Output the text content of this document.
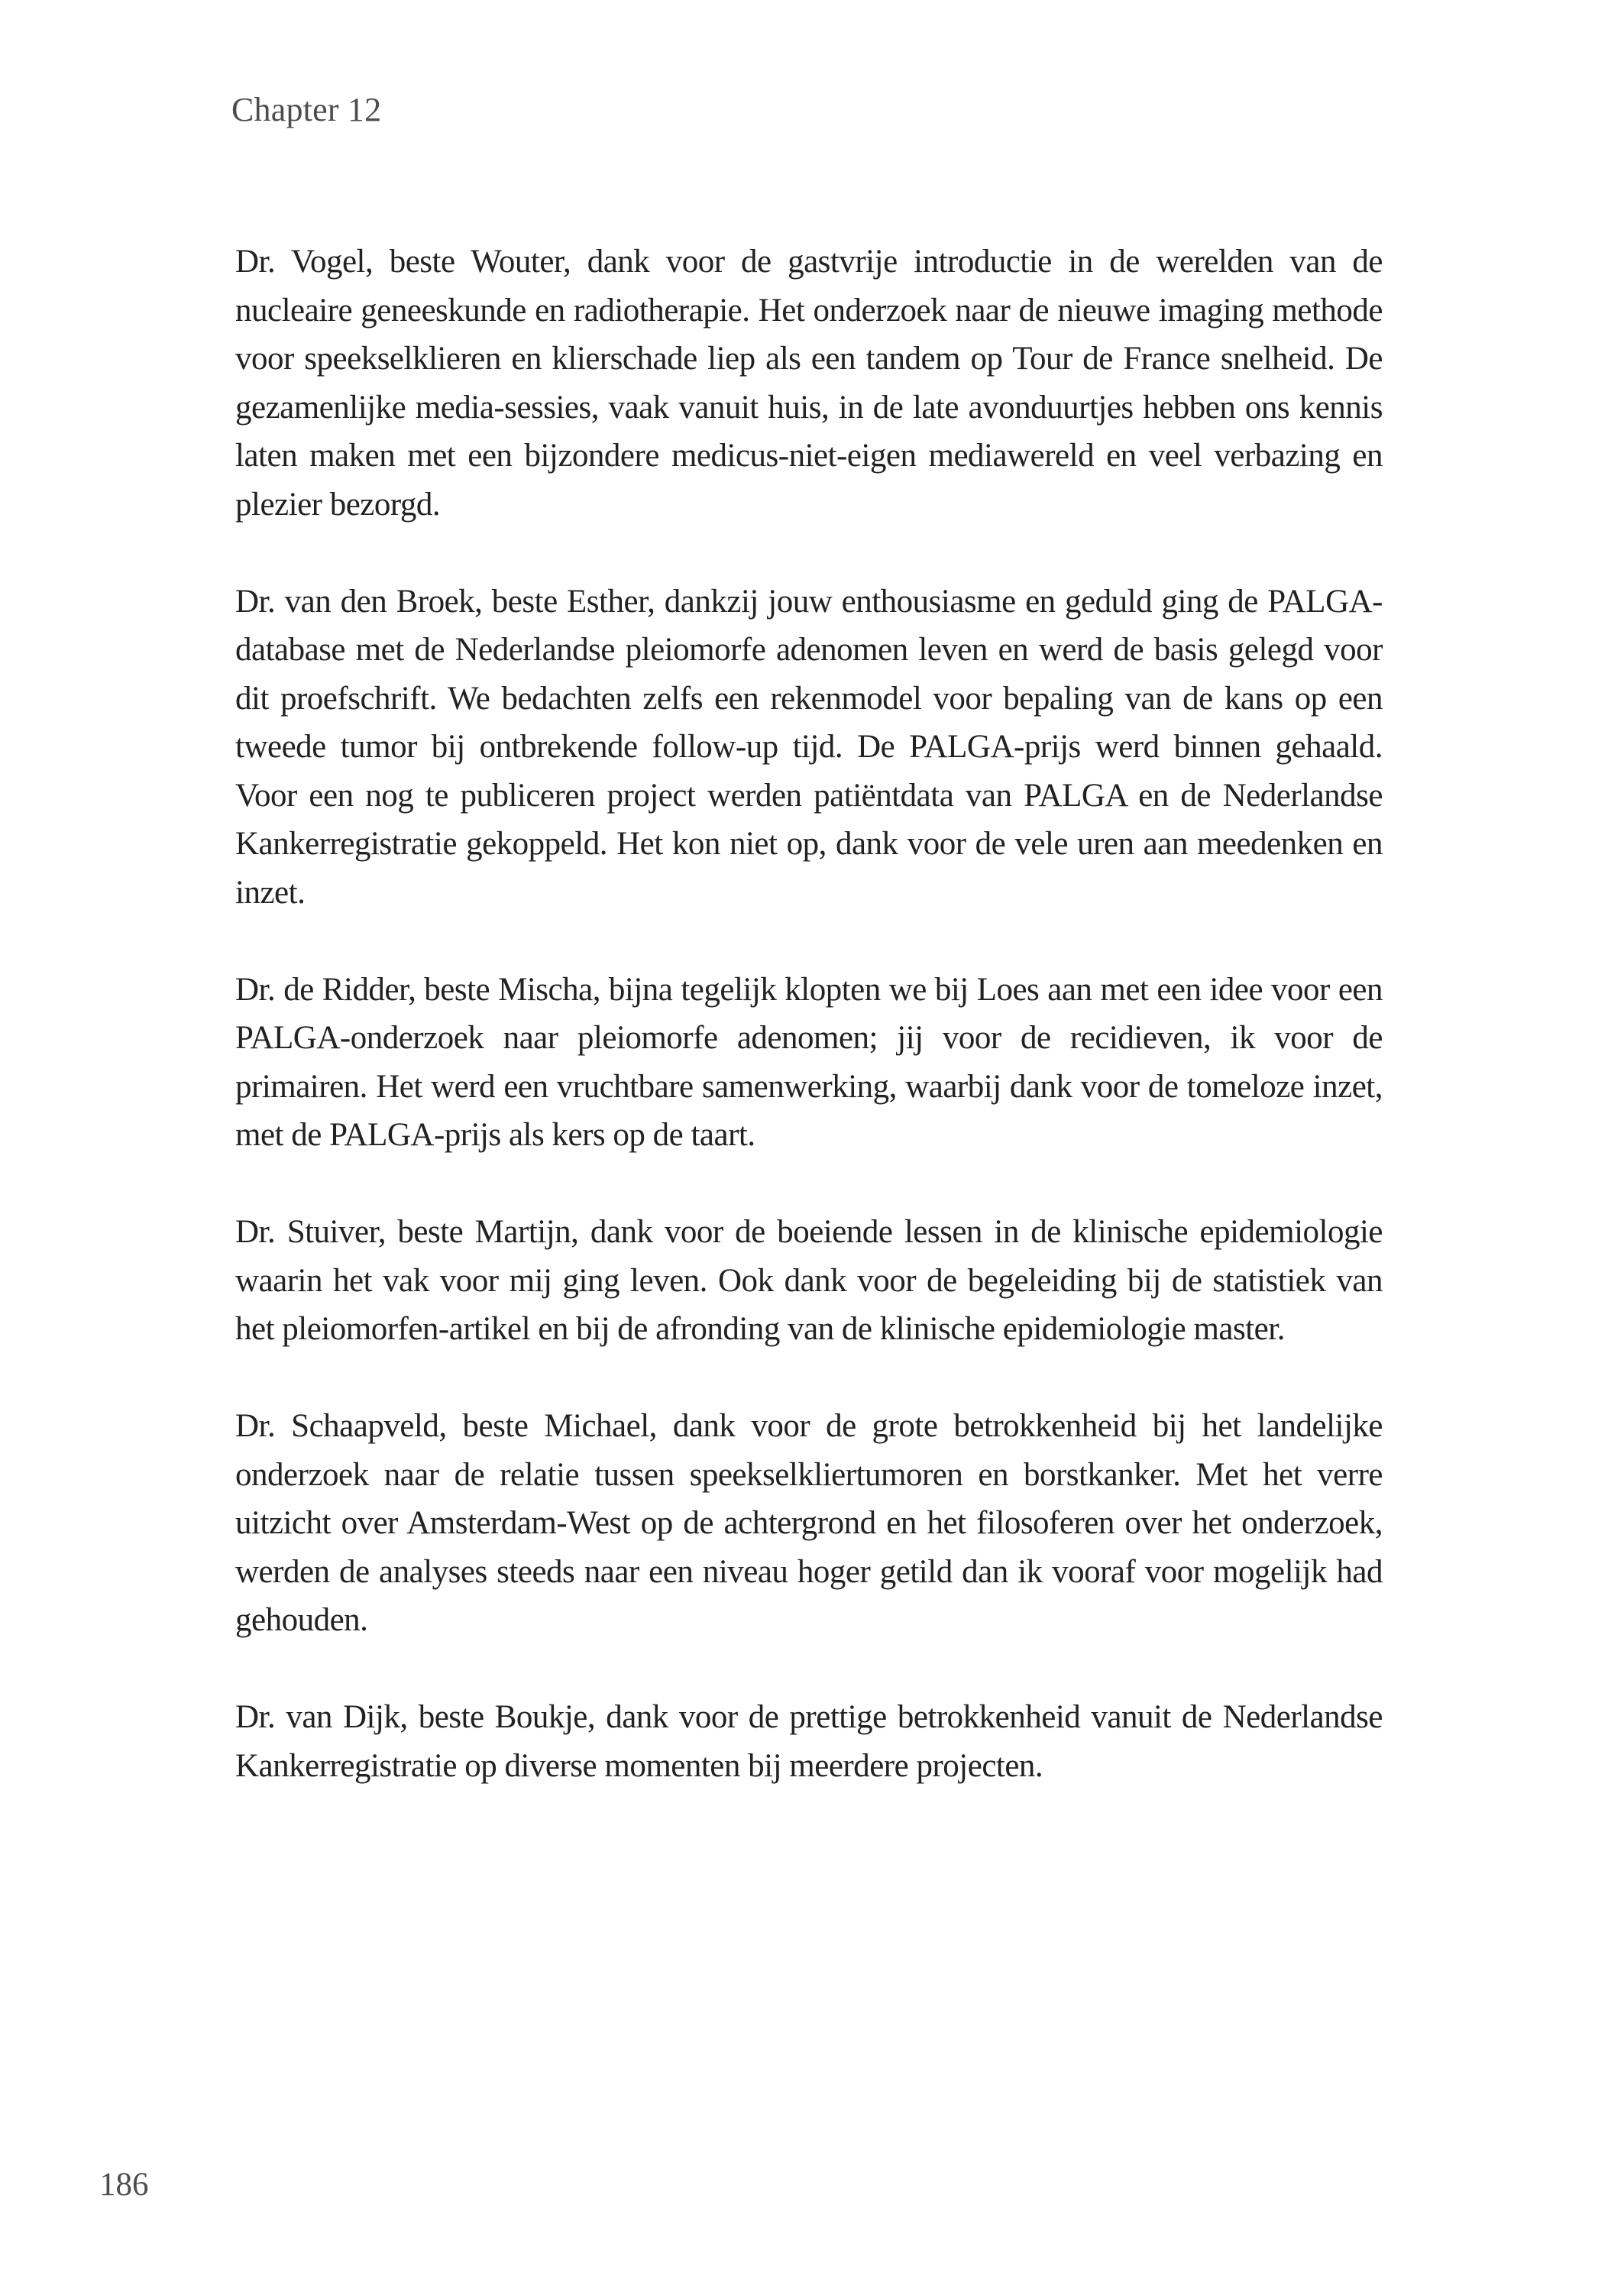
Chapter 12

Dr. Vogel, beste Wouter, dank voor de gastvrije introductie in de werelden van de nucleaire geneeskunde en radiotherapie. Het onderzoek naar de nieuwe imaging methode voor speekselklieren en klierschade liep als een tandem op Tour de France snelheid. De gezamenlijke media-sessies, vaak vanuit huis, in de late avonduurtjes hebben ons kennis laten maken met een bijzondere medicus-niet-eigen mediawereld en veel verbazing en plezier bezorgd.

Dr. van den Broek, beste Esther, dankzij jouw enthousiasme en geduld ging de PALGA-database met de Nederlandse pleiomorfe adenomen leven en werd de basis gelegd voor dit proefschrift. We bedachten zelfs een rekenmodel voor bepaling van de kans op een tweede tumor bij ontbrekende follow-up tijd. De PALGA-prijs werd binnen gehaald. Voor een nog te publiceren project werden patiëntdata van PALGA en de Nederlandse Kankerregistratie gekoppeld. Het kon niet op, dank voor de vele uren aan meedenken en inzet.

Dr. de Ridder, beste Mischa, bijna tegelijk klopten we bij Loes aan met een idee voor een PALGA-onderzoek naar pleiomorfe adenomen; jij voor de recidieven, ik voor de primairen. Het werd een vruchtbare samenwerking, waarbij dank voor de tomeloze inzet, met de PALGA-prijs als kers op de taart.

Dr. Stuiver, beste Martijn, dank voor de boeiende lessen in de klinische epidemiologie waarin het vak voor mij ging leven. Ook dank voor de begeleiding bij de statistiek van het pleiomorfen-artikel en bij de afronding van de klinische epidemiologie master.

Dr. Schaapveld, beste Michael, dank voor de grote betrokkenheid bij het landelijke onderzoek naar de relatie tussen speekselkliertumoren en borstkanker. Met het verre uitzicht over Amsterdam-West op de achtergrond en het filosoferen over het onderzoek, werden de analyses steeds naar een niveau hoger getild dan ik vooraf voor mogelijk had gehouden.

Dr. van Dijk, beste Boukje, dank voor de prettige betrokkenheid vanuit de Nederlandse Kankerregistratie op diverse momenten bij meerdere projecten.

186
